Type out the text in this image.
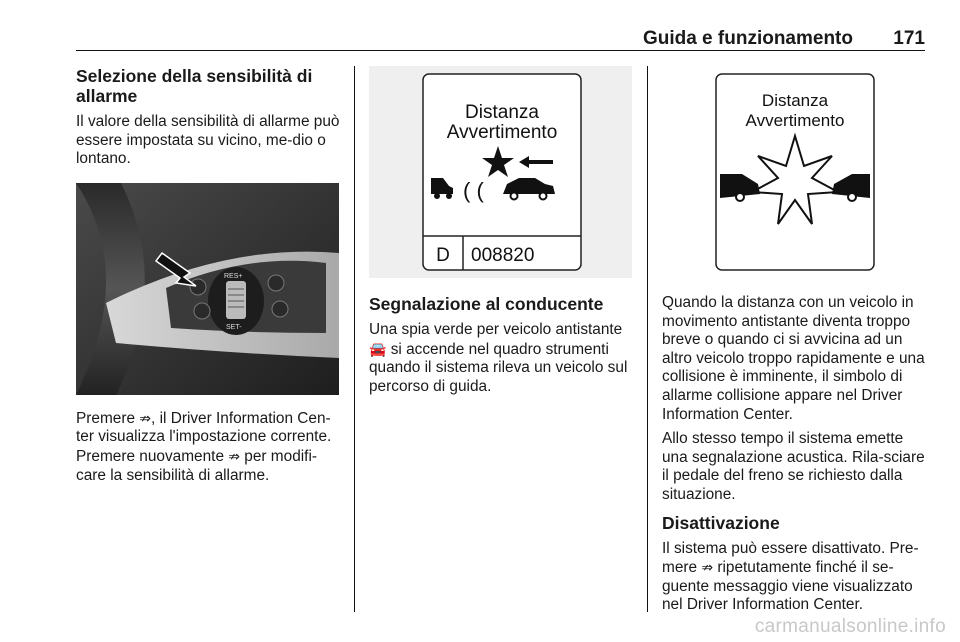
Guida e funzionamento 171
Selezione della sensibilità di allarme

Il valore della sensibilità di allarme può essere impostata su vicino, me-dio o lontano.

RES+
SET-

Premere ⇏, il Driver Information Cen-ter visualizza l'impostazione corrente. Premere nuovamente ⇏ per modifi-care la sensibilità di allarme.

Distanza
Avvertimento
D 008820
( (
Segnalazione al conducente

Una spia verde per veicolo antistante 🚘 si accende nel quadro strumenti quando il sistema rileva un veicolo sul percorso di guida.

Distanza
Avvertimento

Quando la distanza con un veicolo in movimento antistante diventa troppo breve o quando ci si avvicina ad un altro veicolo troppo rapidamente e una collisione è imminente, il simbolo di allarme collisione appare nel Driver Information Center.

Allo stesso tempo il sistema emette una segnalazione acustica. Rila-sciare il pedale del freno se richiesto dalla situazione.

Disattivazione

Il sistema può essere disattivato. Pre-mere ⇏ ripetutamente finché il se-guente messaggio viene visualizzato nel Driver Information Center.

carmanualsonline.info
